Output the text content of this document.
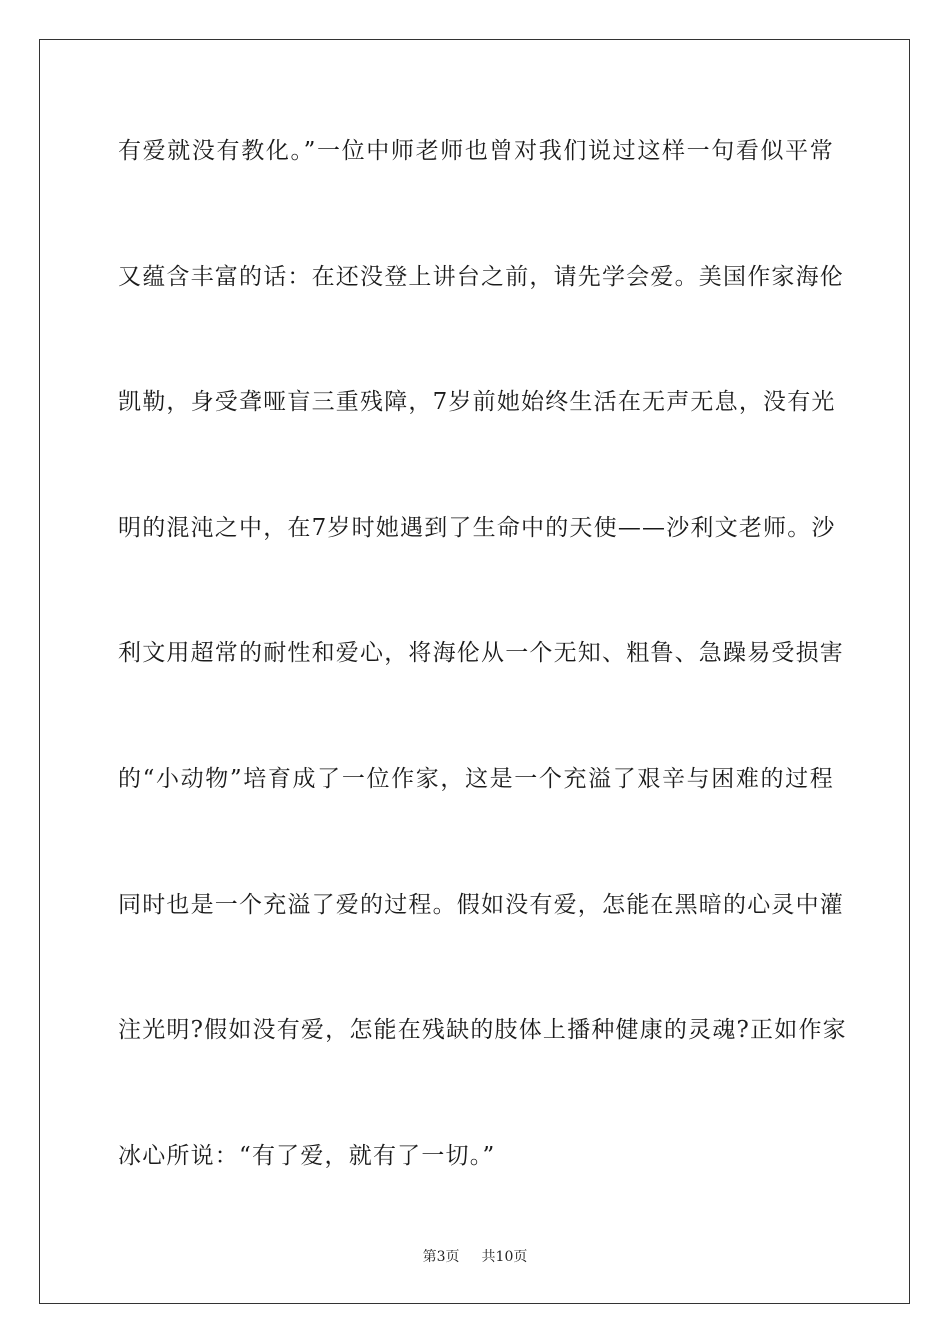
有爱就没有教化。”一位中师老师也曾对我们说过这样一句看似平常
又蕴含丰富的话：在还没登上讲台之前，请先学会爱。美国作家海伦
凯勒，身受聋哑盲三重残障，7岁前她始终生活在无声无息，没有光
明的混沌之中，在7岁时她遇到了生命中的天使——沙利文老师。沙
利文用超常的耐性和爱心，将海伦从一个无知、粗鲁、急躁易受损害
的“小动物”培育成了一位作家，这是一个充溢了艰辛与困难的过程
同时也是一个充溢了爱的过程。假如没有爱，怎能在黑暗的心灵中灌
注光明?假如没有爱，怎能在残缺的肢体上播种健康的灵魂?正如作家
冰心所说：“有了爱，就有了一切。”
第3页 共10页
